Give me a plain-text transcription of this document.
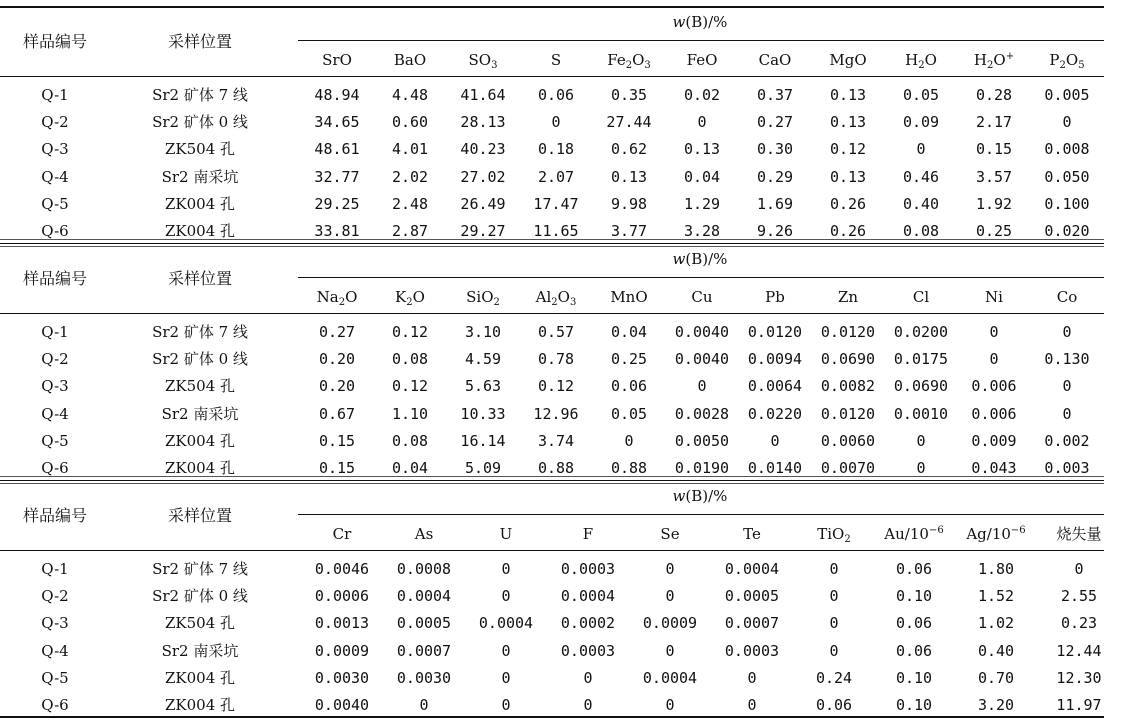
样品编号	采样位置
w(B)/%
SrO	BaO	$SO_3$	S	$Fe_2O_3$	FeO	CaO	MgO	$H_2O$	$H_2O^+$	$P_2O_5$
Q-1	Sr2 矿体 7 线	48.94	4.48	41.64	0.06	0.35	0.02	0.37	0.13	0.05	0.28	0.005
Q-2	Sr2 矿体 0 线	34.65	0.60	28.13	0	27.44	0	0.27	0.13	0.09	2.17	0
Q-3	ZK504 孔	48.61	4.01	40.23	0.18	0.62	0.13	0.30	0.12	0	0.15	0.008
Q-4	Sr2 南采坑	32.77	2.02	27.02	2.07	0.13	0.04	0.29	0.13	0.46	3.57	0.050
Q-5	ZK004 孔	29.25	2.48	26.49	17.47	9.98	1.29	1.69	0.26	0.40	1.92	0.100
Q-6	ZK004 孔	33.81	2.87	29.27	11.65	3.77	3.28	9.26	0.26	0.08	0.25	0.020
样品编号	采样位置
w(B)/%
$Na_2O$	$K_2O$	SiO$_2$	$Al_2O_3$	MnO	Cu	Pb	Zn	Cl	Ni	Co
Q-1	Sr2 矿体 7 线	0.27	0.12	3.10	0.57	0.04	0.0040	0.0120	0.0120	0.0200	0	0
Q-2	Sr2 矿体 0 线	0.20	0.08	4.59	0.78	0.25	0.0040	0.0094	0.0690	0.0175	0	0.130
Q-3	ZK504 孔	0.20	0.12	5.63	0.12	0.06	0	0.0064	0.0082	0.0690	0.006	0
Q-4	Sr2 南采坑	0.67	1.10	10.33	12.96	0.05	0.0028	0.0220	0.0120	0.0010	0.006	0
Q-5	ZK004 孔	0.15	0.08	16.14	3.74	0	0.0050	0	0.0060	0	0.009	0.002
Q-6	ZK004 孔	0.15	0.04	5.09	0.88	0.88	0.0190	0.0140	0.0070	0	0.043	0.003
样品编号	采样位置
w(B)/%
Cr	As	U	F	Se	Te	TiO$_2$	$Au/10^{-6}$	$Ag/10^{-6}$	烧失量
Q-1	Sr2 矿体 7 线	0.0046	0.0008	0	0.0003	0	0.0004	0	0.06	1.80	0
Q-2	Sr2 矿体 0 线	0.0006	0.0004	0	0.0004	0	0.0005	0	0.10	1.52	2.55
Q-3	ZK504 孔	0.0013	0.0005	0.0004	0.0002	0.0009	0.0007	0	0.06	1.02	0.23
Q-4	Sr2 南采坑	0.0009	0.0007	0	0.0003	0	0.0003	0	0.06	0.40	12.44
Q-5	ZK004 孔	0.0030	0.0030	0	0	0.0004	0	0.24	0.10	0.70	12.30
Q-6	ZK004 孔	0.0040	0	0	0	0	0	0.06	0.10	3.20	11.97
